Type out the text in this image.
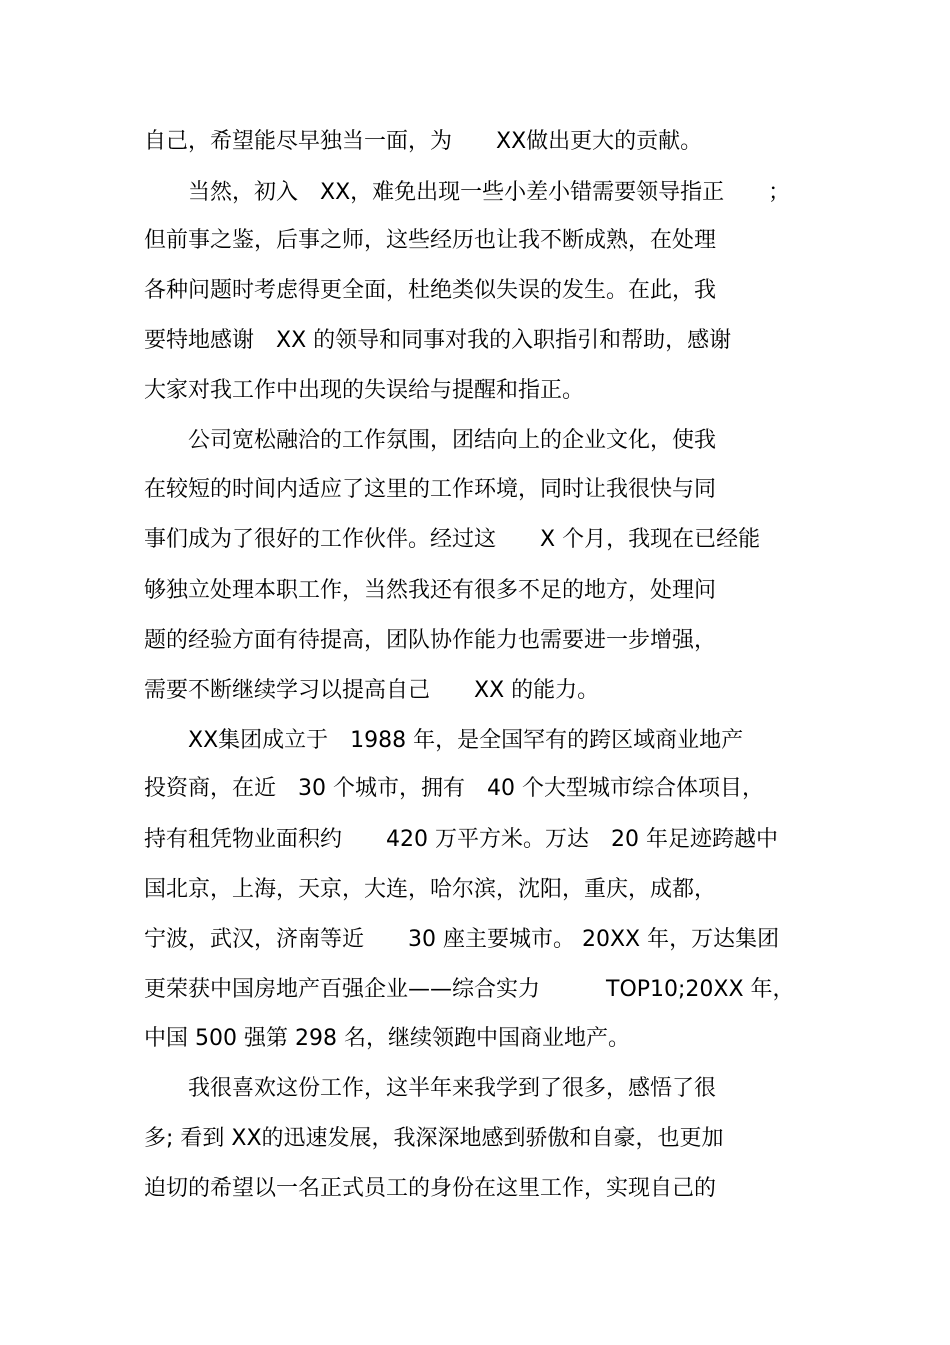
自己，希望能尽早独当一面，为　　XX做出更大的贡献。
　　当然，初入　XX，难免出现一些小差小错需要领导指正　　；
但前事之鉴，后事之师，这些经历也让我不断成熟，在处理
各种问题时考虑得更全面，杜绝类似失误的发生。在此，我
要特地感谢　XX 的领导和同事对我的入职指引和帮助，感谢
大家对我工作中出现的失误给与提醒和指正。
　　公司宽松融洽的工作氛围，团结向上的企业文化，使我
在较短的时间内适应了这里的工作环境，同时让我很快与同
事们成为了很好的工作伙伴。经过这　　X 个月，我现在已经能
够独立处理本职工作，当然我还有很多不足的地方，处理问
题的经验方面有待提高，团队协作能力也需要进一步增强，
需要不断继续学习以提高自己　　XX 的能力。
　　XX集团成立于　1988 年，是全国罕有的跨区域商业地产
投资商，在近　30 个城市，拥有　40 个大型城市综合体项目，
持有租凭物业面积约　　420 万平方米。万达　20 年足迹跨越中
国北京，上海，天京，大连，哈尔滨，沈阳，重庆，成都，
宁波，武汉，济南等近　　30 座主要城市。 20XX 年，万达集团
更荣获中国房地产百强企业——综合实力　　　TOP10;20XX 年，
中国 500 强第 298 名，继续领跑中国商业地产。
　　我很喜欢这份工作，这半年来我学到了很多，感悟了很
多; 看到 XX的迅速发展，我深深地感到骄傲和自豪，也更加
迫切的希望以一名正式员工的身份在这里工作，实现自己的
